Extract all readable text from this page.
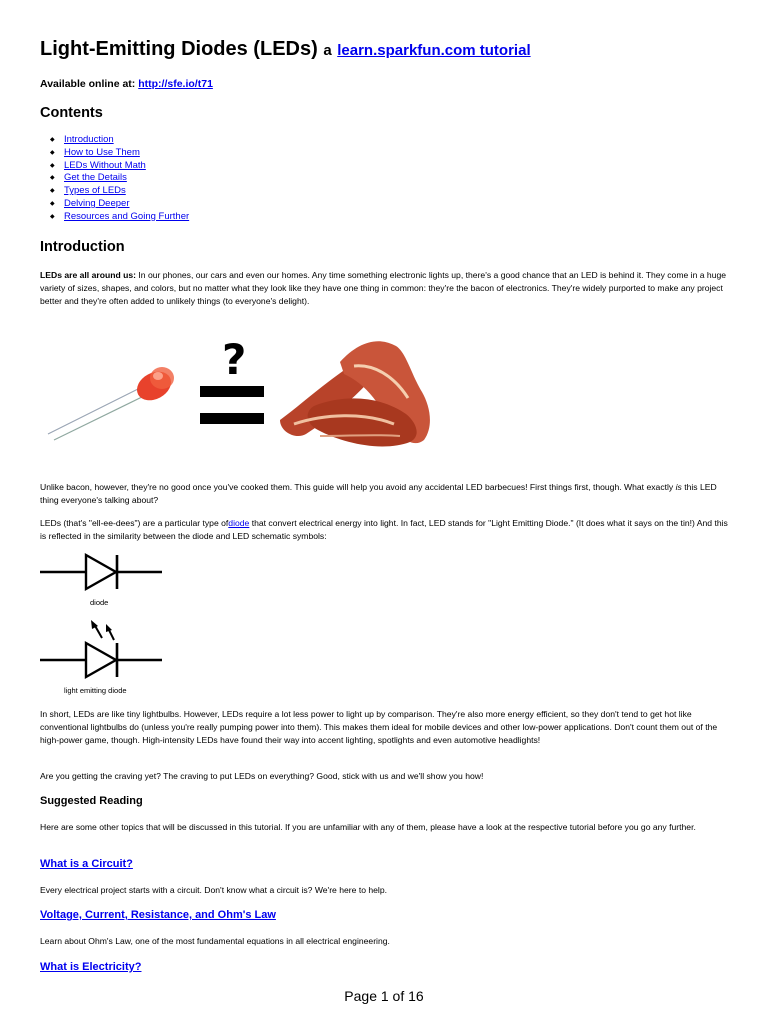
Light-Emitting Diodes (LEDs) a learn.sparkfun.com tutorial
Available online at: http://sfe.io/t71
Contents
◆ Introduction
◆ How to Use Them
◆ LEDs Without Math
◆ Get the Details
◆ Types of LEDs
◆ Delving Deeper
◆ Resources and Going Further
Introduction
LEDs are all around us: In our phones, our cars and even our homes. Any time something electronic lights up, there's a good chance that an LED is behind it. They come in a huge variety of sizes, shapes, and colors, but no matter what they look like they have one thing in common: they're the bacon of electronics. They're widely purported to make any project better and they're often added to unlikely things (to everyone's delight).
?
Unlike bacon, however, they're no good once you've cooked them. This guide will help you avoid any accidental LED barbecues! First things first, though. What exactly is this LED thing everyone's talking about?
LEDs (that's "ell-ee-dees") are a particular type ofdiode that convert electrical energy into light. In fact, LED stands for "Light Emitting Diode." (It does what it says on the tin!) And this is reflected in the similarity between the diode and LED schematic symbols:
diode
light emitting diode
In short, LEDs are like tiny lightbulbs. However, LEDs require a lot less power to light up by comparison. They're also more energy efficient, so they don't tend to get hot like conventional lightbulbs do (unless you're really pumping power into them). This makes them ideal for mobile devices and other low-power applications. Don't count them out of the high-power game, though. High-intensity LEDs have found their way into accent lighting, spotlights and even automotive headlights!
Are you getting the craving yet? The craving to put LEDs on everything? Good, stick with us and we'll show you how!
Suggested Reading
Here are some other topics that will be discussed in this tutorial. If you are unfamiliar with any of them, please have a look at the respective tutorial before you go any further.
What is a Circuit?
Every electrical project starts with a circuit. Don't know what a circuit is? We're here to help.
Voltage, Current, Resistance, and Ohm's Law
Learn about Ohm's Law, one of the most fundamental equations in all electrical engineering.
What is Electricity?
Page 1 of 16
